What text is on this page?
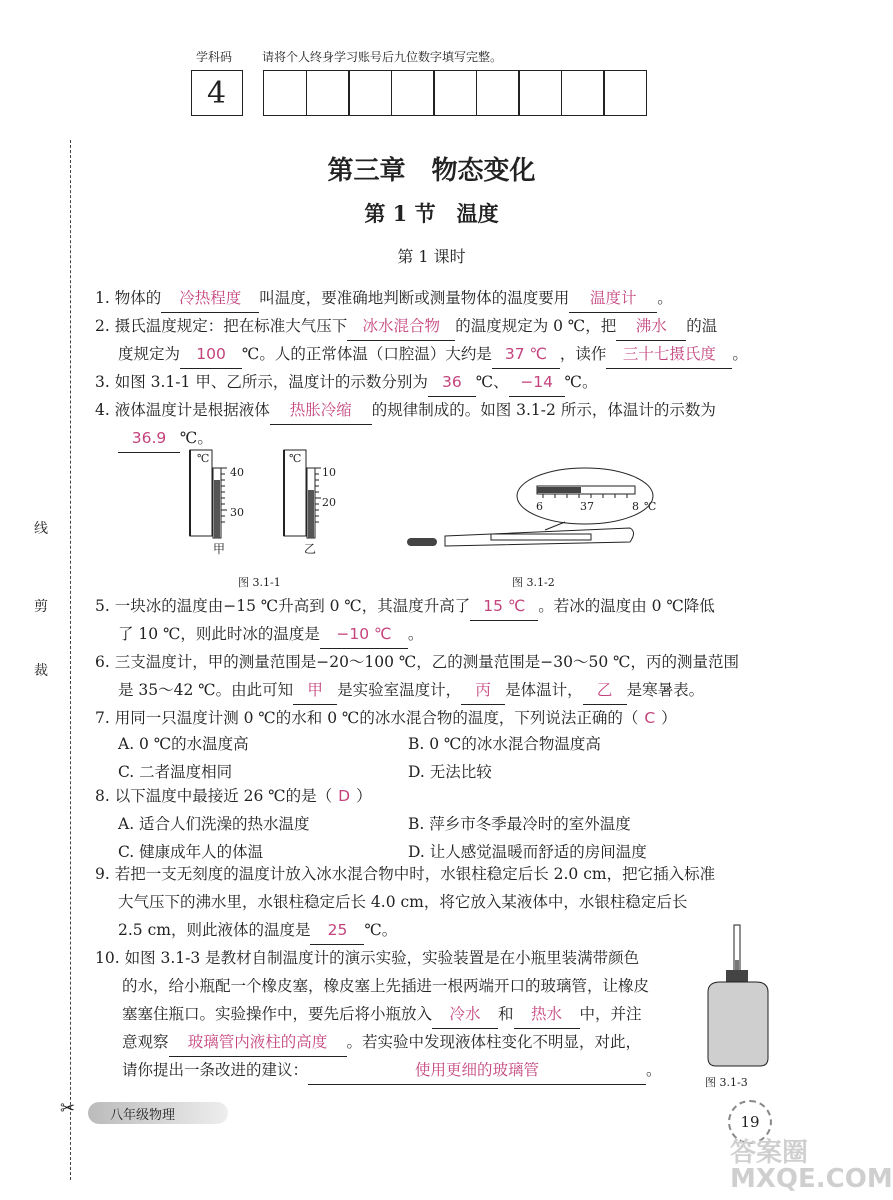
学科码 请将个人终身学习账号后九位数字填写完整。
4
线
剪
裁
✂
第三章　物态变化
第 1 节　温度
第 1 课时
1. 物体的 冷热程度 叫温度，要准确地判断或测量物体的温度要用 温度计 。
2. 摄氏温度规定：把在标准大气压下 冰水混合物 的温度规定为 0 ℃，把 沸水 的温
度规定为 100 ℃。人的正常体温（口腔温）大约是 37 ℃ ，读作 三十七摄氏度 。
3. 如图 3.1-1 甲、乙所示，温度计的示数分别为 36 ℃、 −14 ℃。
4. 液体温度计是根据液体 热胀冷缩 的规律制成的。如图 3.1-2 所示，体温计的示数为
36.9 ℃。
℃
40
30
℃
10
20
甲	乙
图 3.1-1
6	37	8 ℃
图 3.1-2
5. 一块冰的温度由−15 ℃升高到 0 ℃，其温度升高了 15 ℃ 。若冰的温度由 0 ℃降低
了 10 ℃，则此时冰的温度是 −10 ℃ 。
6. 三支温度计，甲的测量范围是−20～100 ℃，乙的测量范围是−30～50 ℃，丙的测量范围
是 35～42 ℃。由此可知 甲 是实验室温度计， 丙 是体温计， 乙 是寒暑表。
7. 用同一只温度计测 0 ℃的水和 0 ℃的冰水混合物的温度，下列说法正确的（ C ）
A. 0 ℃的水温度高	B. 0 ℃的冰水混合物温度高
C. 二者温度相同	D. 无法比较
8. 以下温度中最接近 26 ℃的是（ D ）
A. 适合人们洗澡的热水温度	B. 萍乡市冬季最冷时的室外温度
C. 健康成年人的体温	D. 让人感觉温暖而舒适的房间温度
9. 若把一支无刻度的温度计放入冰水混合物中时，水银柱稳定后长 2.0 cm，把它插入标准
大气压下的沸水里，水银柱稳定后长 4.0 cm，将它放入某液体中，水银柱稳定后长
2.5 cm，则此液体的温度是 25 ℃。
10. 如图 3.1-3 是教材自制温度计的演示实验，实验装置是在小瓶里装满带颜色
的水，给小瓶配一个橡皮塞，橡皮塞上先插进一根两端开口的玻璃管，让橡皮
塞塞住瓶口。实验操作中，要先后将小瓶放入 冷水 和 热水 中，并注
意观察 玻璃管内液柱的高度 。若实验中发现液体柱变化不明显，对此，
请你提出一条改进的建议：	使用更细的玻璃管	。
图 3.1-3
八年级物理	19
答案圈 MXQE.COM
